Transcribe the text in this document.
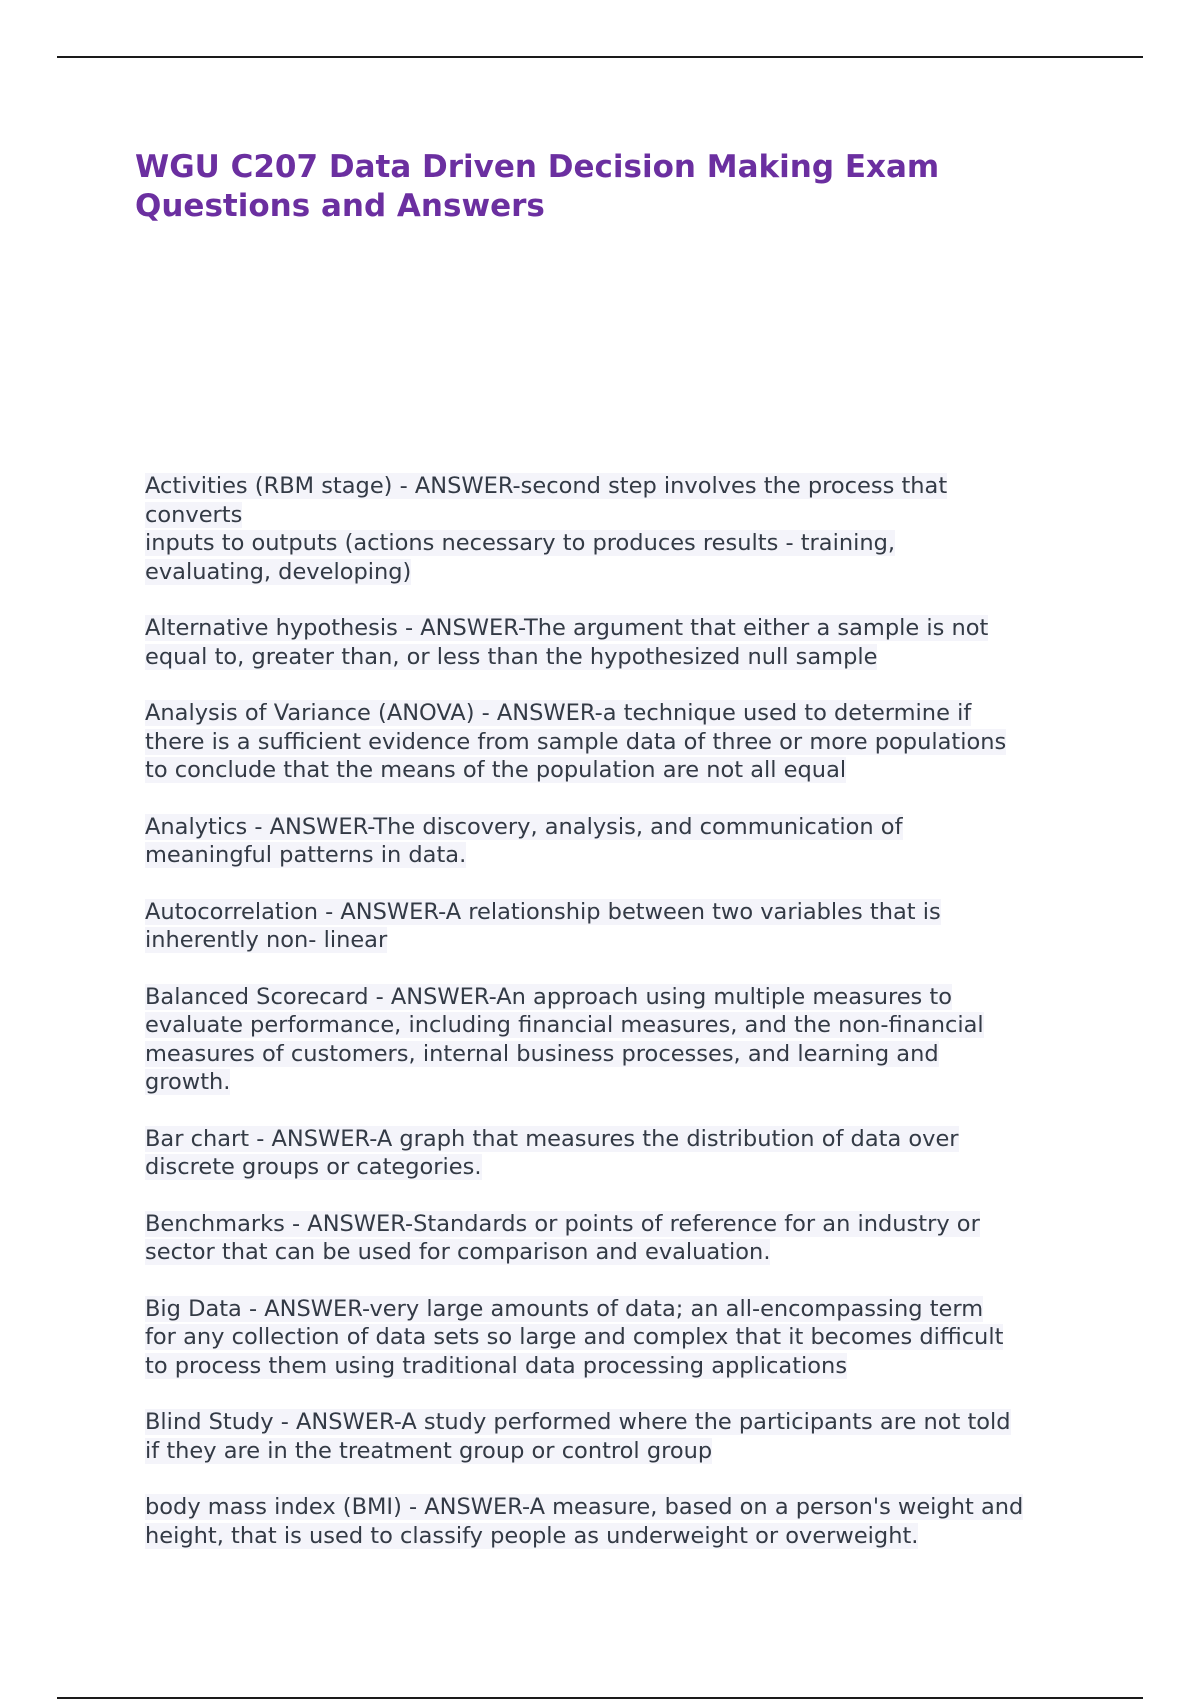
WGU C207 Data Driven Decision Making Exam
Questions and Answers

Activities (RBM stage) - ANSWER-second step involves the process that
converts
inputs to outputs (actions necessary to produces results - training,
evaluating, developing)

Alternative hypothesis - ANSWER-The argument that either a sample is not
equal to, greater than, or less than the hypothesized null sample

Analysis of Variance (ANOVA) - ANSWER-a technique used to determine if
there is a sufficient evidence from sample data of three or more populations
to conclude that the means of the population are not all equal

Analytics - ANSWER-The discovery, analysis, and communication of
meaningful patterns in data.

Autocorrelation - ANSWER-A relationship between two variables that is
inherently non- linear

Balanced Scorecard - ANSWER-An approach using multiple measures to
evaluate performance, including financial measures, and the non-financial
measures of customers, internal business processes, and learning and
growth.

Bar chart - ANSWER-A graph that measures the distribution of data over
discrete groups or categories.

Benchmarks - ANSWER-Standards or points of reference for an industry or
sector that can be used for comparison and evaluation.

Big Data - ANSWER-very large amounts of data; an all-encompassing term
for any collection of data sets so large and complex that it becomes difficult
to process them using traditional data processing applications

Blind Study - ANSWER-A study performed where the participants are not told
if they are in the treatment group or control group

body mass index (BMI) - ANSWER-A measure, based on a person's weight and
height, that is used to classify people as underweight or overweight.
